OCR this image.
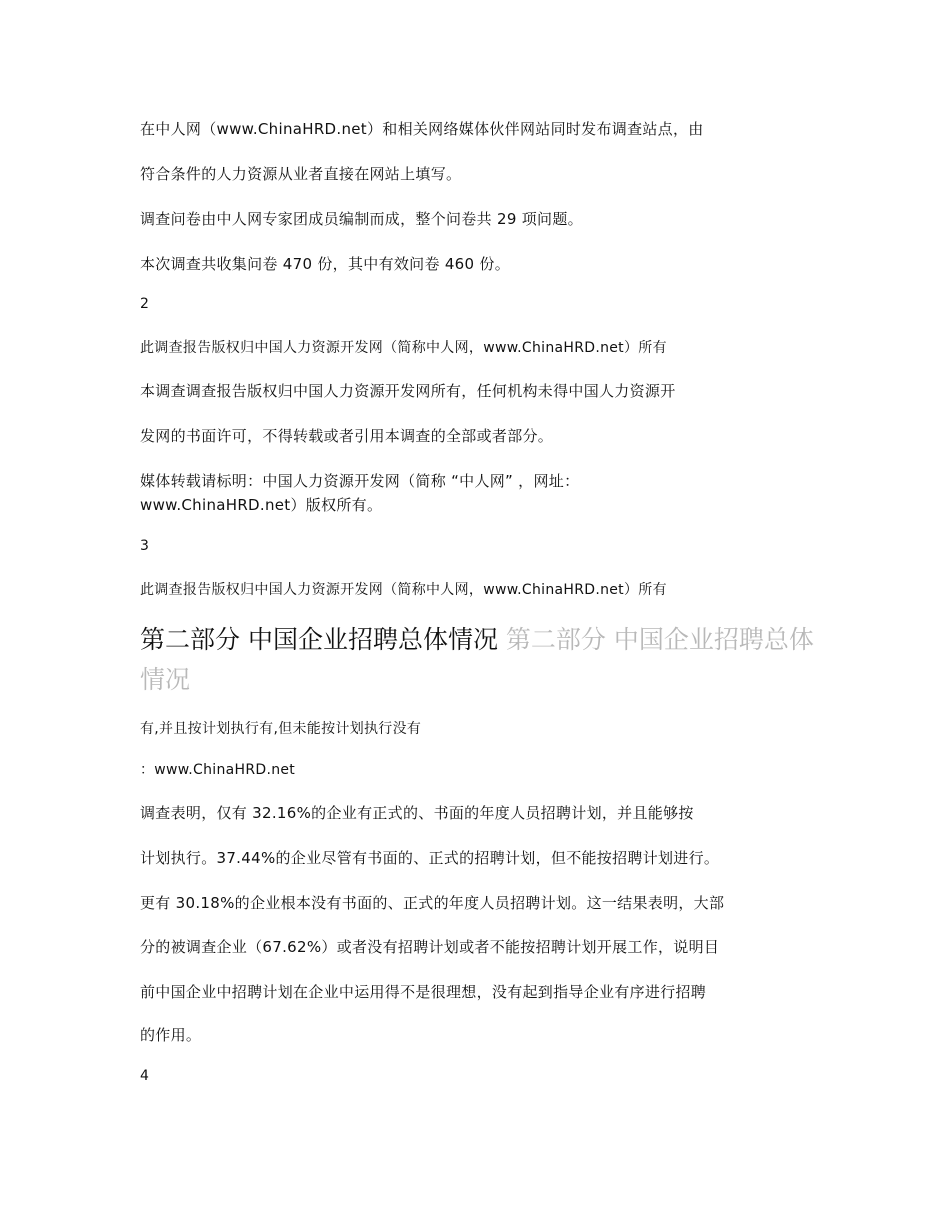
在中人网（www.ChinaHRD.net）和相关网络媒体伙伴网站同时发布调查站点，由
符合条件的人力资源从业者直接在网站上填写。
调查问卷由中人网专家团成员编制而成，整个问卷共 29 项问题。
本次调查共收集问卷 470 份，其中有效问卷 460 份。
2
此调查报告版权归中国人力资源开发网（简称中人网，www.ChinaHRD.net）所有
本调查调查报告版权归中国人力资源开发网所有，任何机构未得中国人力资源开
发网的书面许可，不得转载或者引用本调查的全部或者部分。
媒体转载请标明：中国人力资源开发网（简称 “中人网” ，网址：
www.ChinaHRD.net）版权所有。
3
此调查报告版权归中国人力资源开发网（简称中人网，www.ChinaHRD.net）所有
第二部分 中国企业招聘总体情况 第二部分 中国企业招聘总体情况
有,并且按计划执行有,但未能按计划执行没有
：www.ChinaHRD.net
调查表明，仅有 32.16%的企业有正式的、书面的年度人员招聘计划，并且能够按
计划执行。37.44%的企业尽管有书面的、正式的招聘计划，但不能按招聘计划进行。
更有 30.18%的企业根本没有书面的、正式的年度人员招聘计划。这一结果表明，大部
分的被调查企业（67.62%）或者没有招聘计划或者不能按招聘计划开展工作，说明目
前中国企业中招聘计划在企业中运用得不是很理想，没有起到指导企业有序进行招聘
的作用。
4
